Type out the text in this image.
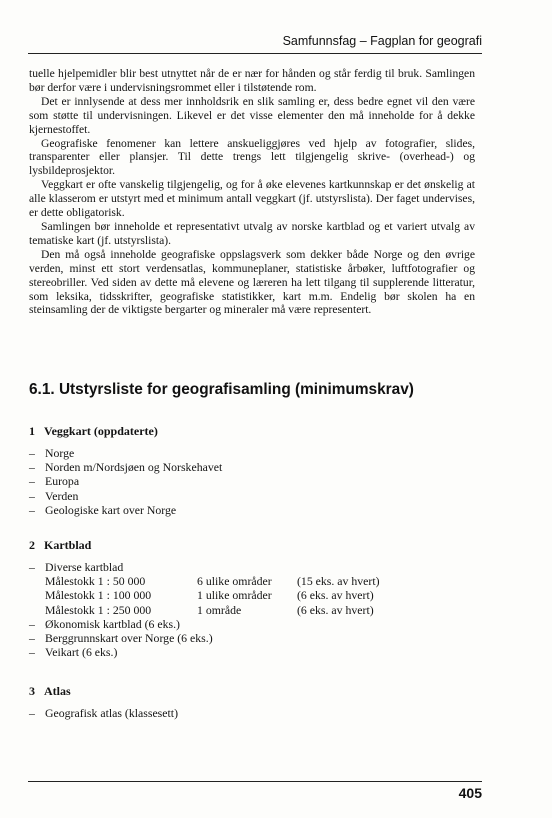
Samfunnsfag – Fagplan for geografi

tuelle hjelpemidler blir best utnyttet når de er nær for hånden og står ferdig til bruk. Samlingen bør derfor være i undervisningsrommet eller i tilstøtende rom.

Det er innlysende at dess mer innholdsrik en slik samling er, dess bedre egnet vil den være som støtte til undervisningen. Likevel er det visse elementer den må inneholde for å dekke kjernestoffet.

Geografiske fenomener kan lettere anskueliggjøres ved hjelp av fotografier, slides, transparenter eller plansjer. Til dette trengs lett tilgjengelig skrive- (overhead-) og lysbildeprosjektor.

Veggkart er ofte vanskelig tilgjengelig, og for å øke elevenes kartkunnskap er det ønskelig at alle klasserom er utstyrt med et minimum antall veggkart (jf. utstyrslista). Der faget undervises, er dette obligatorisk.

Samlingen bør inneholde et representativt utvalg av norske kartblad og et variert utvalg av tematiske kart (jf. utstyrslista).

Den må også inneholde geografiske oppslagsverk som dekker både Norge og den øvrige verden, minst ett stort verdensatlas, kommuneplaner, statistiske årbøker, luftfotografier og stereobriller. Ved siden av dette må elevene og læreren ha lett tilgang til supplerende litteratur, som leksika, tidsskrifter, geografiske statistikker, kart m.m. Endelig bør skolen ha en steinsamling der de viktigste bergarter og mineraler må være representert.

6.1. Utstyrsliste for geografisamling (minimumskrav)
1 Veggkart (oppdaterte)
– Norge
– Norden m/Nordsjøen og Norskehavet
– Europa
– Verden
– Geologiske kart over Norge
2 Kartblad
– Diverse kartblad
Målestokk 1 : 50 000	6 ulike områder	(15 eks. av hvert)
Målestokk 1 : 100 000	1 ulike områder	(6 eks. av hvert)
Målestokk 1 : 250 000	1 område	(6 eks. av hvert)
– Økonomisk kartblad (6 eks.)
– Berggrunnskart over Norge (6 eks.)
– Veikart (6 eks.)
3 Atlas
– Geografisk atlas (klassesett)
405
